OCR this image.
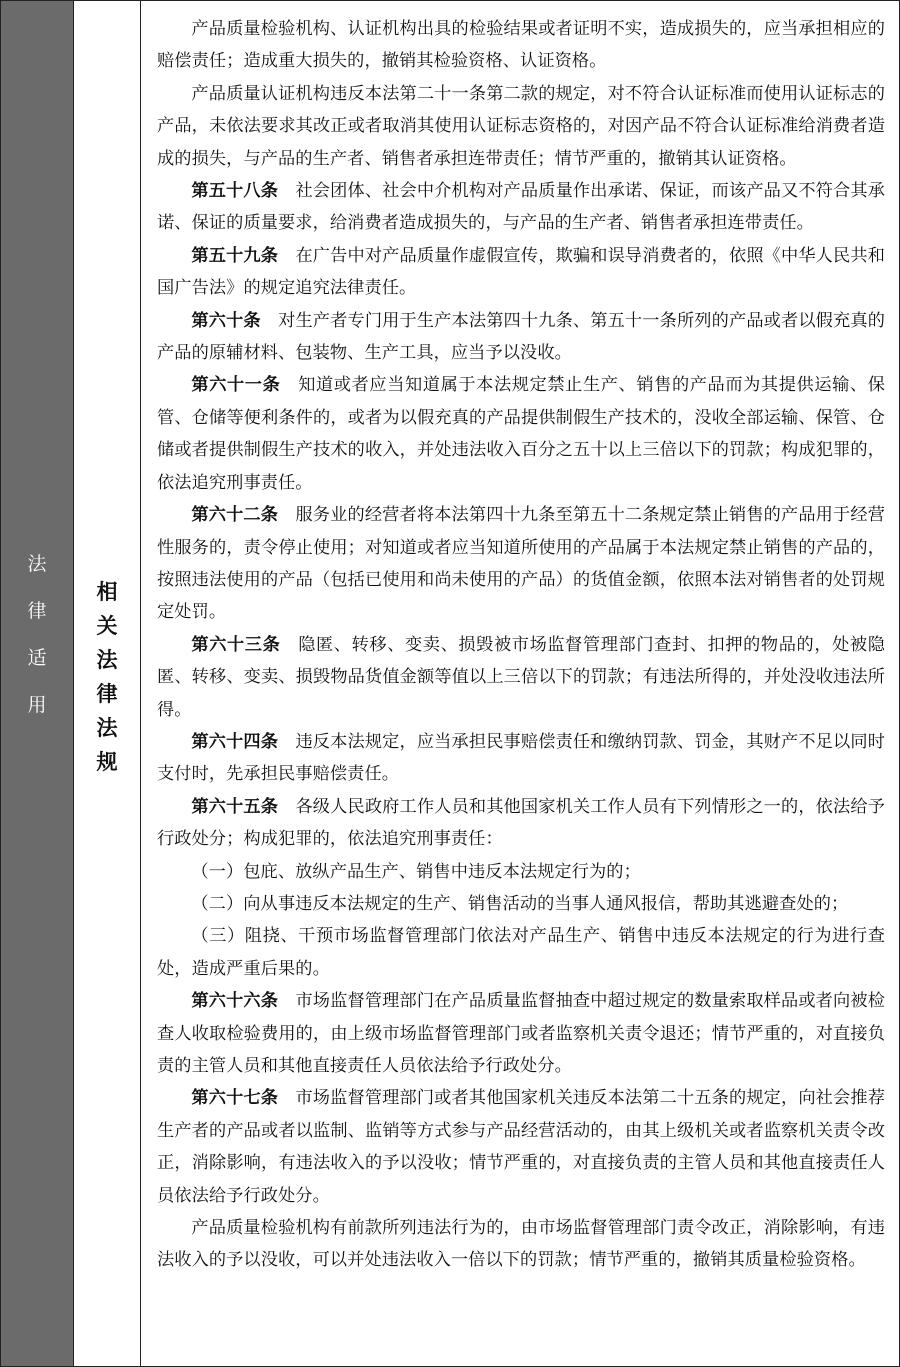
法
律
适
用
相
关
法
律
法
规

产品质量检验机构、认证机构出具的检验结果或者证明不实，造成损失的，应当承担相应的赔偿责任；造成重大损失的，撤销其检验资格、认证资格。

产品质量认证机构违反本法第二十一条第二款的规定，对不符合认证标准而使用认证标志的产品，未依法要求其改正或者取消其使用认证标志资格的，对因产品不符合认证标准给消费者造成的损失，与产品的生产者、销售者承担连带责任；情节严重的，撤销其认证资格。

第五十八条　 社会团体、社会中介机构对产品质量作出承诺、保证，而该产品又不符合其承诺、保证的质量要求，给消费者造成损失的，与产品的生产者、销售者承担连带责任。

第五十九条　 在广告中对产品质量作虚假宣传，欺骗和误导消费者的，依照《中华人民共和国广告法》的规定追究法律责任。

第六十条　 对生产者专门用于生产本法第四十九条、第五十一条所列的产品或者以假充真的产品的原辅材料、包装物、生产工具，应当予以没收。

第六十一条　 知道或者应当知道属于本法规定禁止生产、销售的产品而为其提供运输、保管、仓储等便利条件的，或者为以假充真的产品提供制假生产技术的，没收全部运输、保管、仓储或者提供制假生产技术的收入，并处违法收入百分之五十以上三倍以下的罚款；构成犯罪的，依法追究刑事责任。

第六十二条　 服务业的经营者将本法第四十九条至第五十二条规定禁止销售的产品用于经营性服务的，责令停止使用；对知道或者应当知道所使用的产品属于本法规定禁止销售的产品的，按照违法使用的产品（包括已使用和尚未使用的产品）的货值金额，依照本法对销售者的处罚规定处罚。

第六十三条　 隐匿、转移、变卖、损毁被市场监督管理部门查封、扣押的物品的，处被隐匿、转移、变卖、损毁物品货值金额等值以上三倍以下的罚款；有违法所得的，并处没收违法所得。

第六十四条　 违反本法规定，应当承担民事赔偿责任和缴纳罚款、罚金，其财产不足以同时支付时，先承担民事赔偿责任。

第六十五条　 各级人民政府工作人员和其他国家机关工作人员有下列情形之一的，依法给予行政处分；构成犯罪的，依法追究刑事责任：

（一）包庇、放纵产品生产、销售中违反本法规定行为的；

（二）向从事违反本法规定的生产、销售活动的当事人通风报信，帮助其逃避查处的；

（三）阻挠、干预市场监督管理部门依法对产品生产、销售中违反本法规定的行为进行查处，造成严重后果的。

第六十六条　 市场监督管理部门在产品质量监督抽查中超过规定的数量索取样品或者向被检查人收取检验费用的，由上级市场监督管理部门或者监察机关责令退还；情节严重的，对直接负责的主管人员和其他直接责任人员依法给予行政处分。

第六十七条　 市场监督管理部门或者其他国家机关违反本法第二十五条的规定，向社会推荐生产者的产品或者以监制、监销等方式参与产品经营活动的，由其上级机关或者监察机关责令改正，消除影响，有违法收入的予以没收；情节严重的，对直接负责的主管人员和其他直接责任人员依法给予行政处分。

产品质量检验机构有前款所列违法行为的，由市场监督管理部门责令改正，消除影响，有违法收入的予以没收，可以并处违法收入一倍以下的罚款；情节严重的，撤销其质量检验资格。
